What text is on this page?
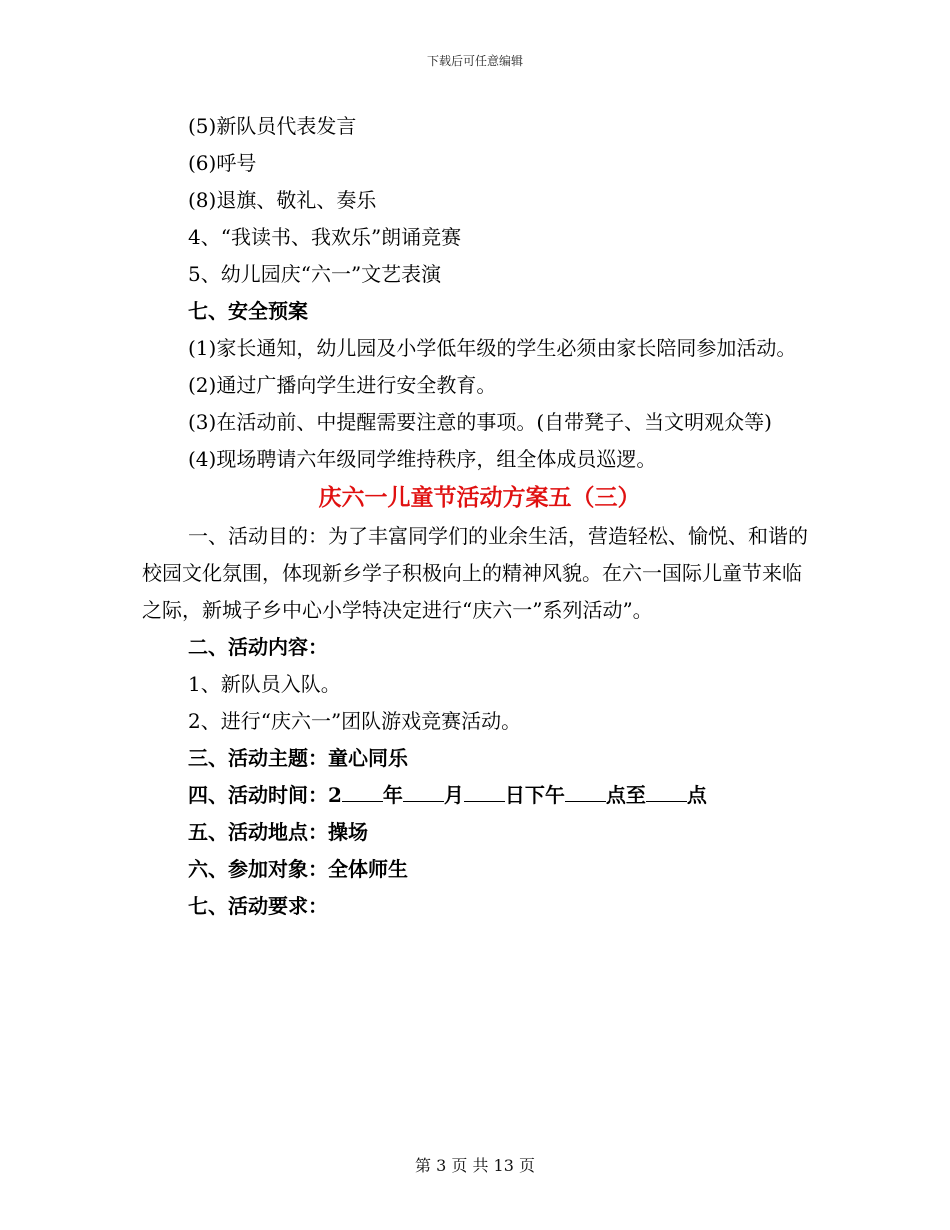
下载后可任意编辑

(5)新队员代表发言

(6)呼号

(8)退旗、敬礼、奏乐

4、“我读书、我欢乐”朗诵竞赛

5、幼儿园庆“六一”文艺表演

七、安全预案

(1)家长通知，幼儿园及小学低年级的学生必须由家长陪同参加活动。

(2)通过广播向学生进行安全教育。

(3)在活动前、中提醒需要注意的事项。(自带凳子、当文明观众等)

(4)现场聘请六年级同学维持秩序，组全体成员巡逻。

庆六一儿童节活动方案五（三）

一、活动目的：为了丰富同学们的业余生活，营造轻松、愉悦、和谐的校园文化氛围，体现新乡学子积极向上的精神风貌。在六一国际儿童节来临之际，新城子乡中心小学特决定进行“庆六一”系列活动”。

二、活动内容：

1、新队员入队。

2、进行“庆六一”团队游戏竞赛活动。

三、活动主题：童心同乐

四、活动时间：2 年 月 日下午 点至 点

五、活动地点：操场

六、参加对象：全体师生

七、活动要求：

第 3 页 共 13 页
